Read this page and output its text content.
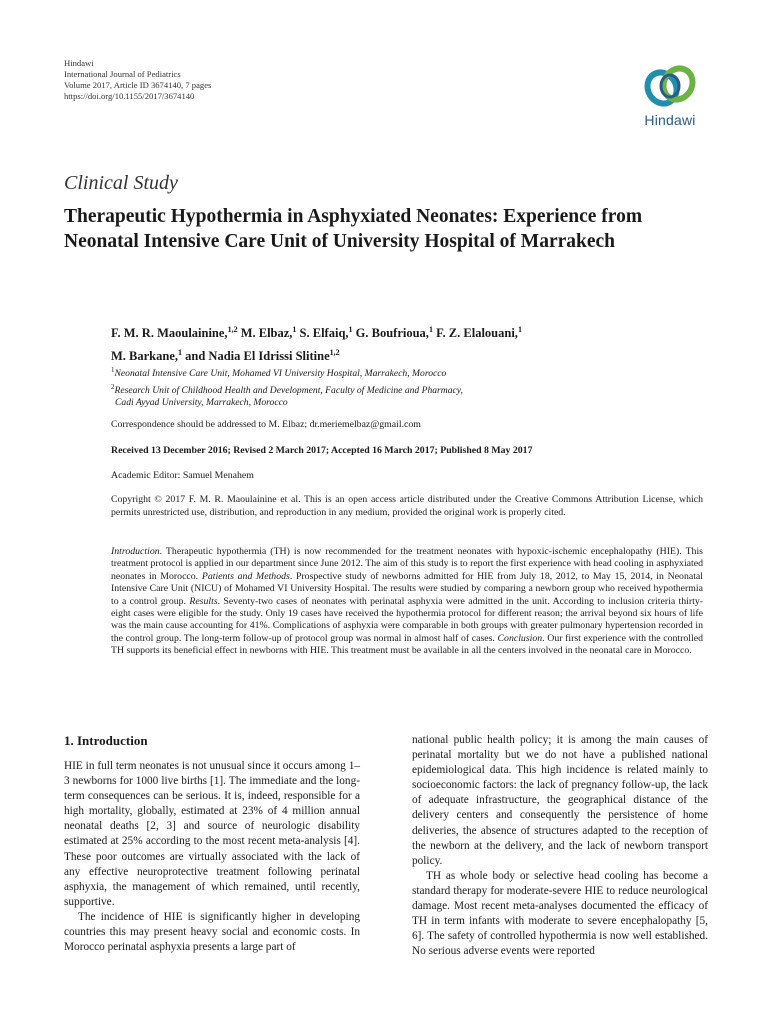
Hindawi
International Journal of Pediatrics
Volume 2017, Article ID 3674140, 7 pages
https://doi.org/10.1155/2017/3674140
Hindawi
Clinical Study
Therapeutic Hypothermia in Asphyxiated Neonates: Experience from Neonatal Intensive Care Unit of University Hospital of Marrakech
F. M. R. Maoulainine,$^{1,2}$ M. Elbaz,$^1$ S. Elfaiq,$^1$ G. Boufrioua,$^1$ F. Z. Elalouani,$^1$
M. Barkane,$^1$ and Nadia El Idrissi Slitine$^{1,2}$
$^1$Neonatal Intensive Care Unit, Mohamed VI University Hospital, Marrakech, Morocco
$^2$Research Unit of Childhood Health and Development, Faculty of Medicine and Pharmacy,
Cadi Ayyad University, Marrakech, Morocco
Correspondence should be addressed to M. Elbaz; dr.meriemelbaz@gmail.com
Received 13 December 2016; Revised 2 March 2017; Accepted 16 March 2017; Published 8 May 2017
Academic Editor: Samuel Menahem
Copyright © 2017 F. M. R. Maoulainine et al. This is an open access article distributed under the Creative Commons Attribution License, which permits unrestricted use, distribution, and reproduction in any medium, provided the original work is properly cited.
Introduction. Therapeutic hypothermia (TH) is now recommended for the treatment neonates with hypoxic-ischemic encephalopathy (HIE). This treatment protocol is applied in our department since June 2012. The aim of this study is to report the first experience with head cooling in asphyxiated neonates in Morocco. Patients and Methods. Prospective study of newborns admitted for HIE from July 18, 2012, to May 15, 2014, in Neonatal Intensive Care Unit (NICU) of Mohamed VI University Hospital. The results were studied by comparing a newborn group who received hypothermia to a control group. Results. Seventy-two cases of neonates with perinatal asphyxia were admitted in the unit. According to inclusion criteria thirty-eight cases were eligible for the study. Only 19 cases have received the hypothermia protocol for different reason; the arrival beyond six hours of life was the main cause accounting for 41%. Complications of asphyxia were comparable in both groups with greater pulmonary hypertension recorded in the control group. The long-term follow-up of protocol group was normal in almost half of cases. Conclusion. Our first experience with the controlled TH supports its beneficial effect in newborns with HIE. This treatment must be available in all the centers involved in the neonatal care in Morocco.
1. Introduction

HIE in full term neonates is not unusual since it occurs among 1–3 newborns for 1000 live births [1]. The immediate and the long-term consequences can be serious. It is, indeed, responsible for a high mortality, globally, estimated at 23% of 4 million annual neonatal deaths [2, 3] and source of neurologic disability estimated at 25% according to the most recent meta-analysis [4]. These poor outcomes are virtually associated with the lack of any effective neuroprotective treatment following perinatal asphyxia, the management of which remained, until recently, supportive.

The incidence of HIE is significantly higher in developing countries this may present heavy social and economic costs. In Morocco perinatal asphyxia presents a large part of

national public health policy; it is among the main causes of perinatal mortality but we do not have a published national epidemiological data. This high incidence is related mainly to socioeconomic factors: the lack of pregnancy follow-up, the lack of adequate infrastructure, the geographical distance of the delivery centers and consequently the persistence of home deliveries, the absence of structures adapted to the reception of the newborn at the delivery, and the lack of newborn transport policy.

TH as whole body or selective head cooling has become a standard therapy for moderate-severe HIE to reduce neurological damage. Most recent meta-analyses documented the efficacy of TH in term infants with moderate to severe encephalopathy [5, 6]. The safety of controlled hypothermia is now well established. No serious adverse events were reported
